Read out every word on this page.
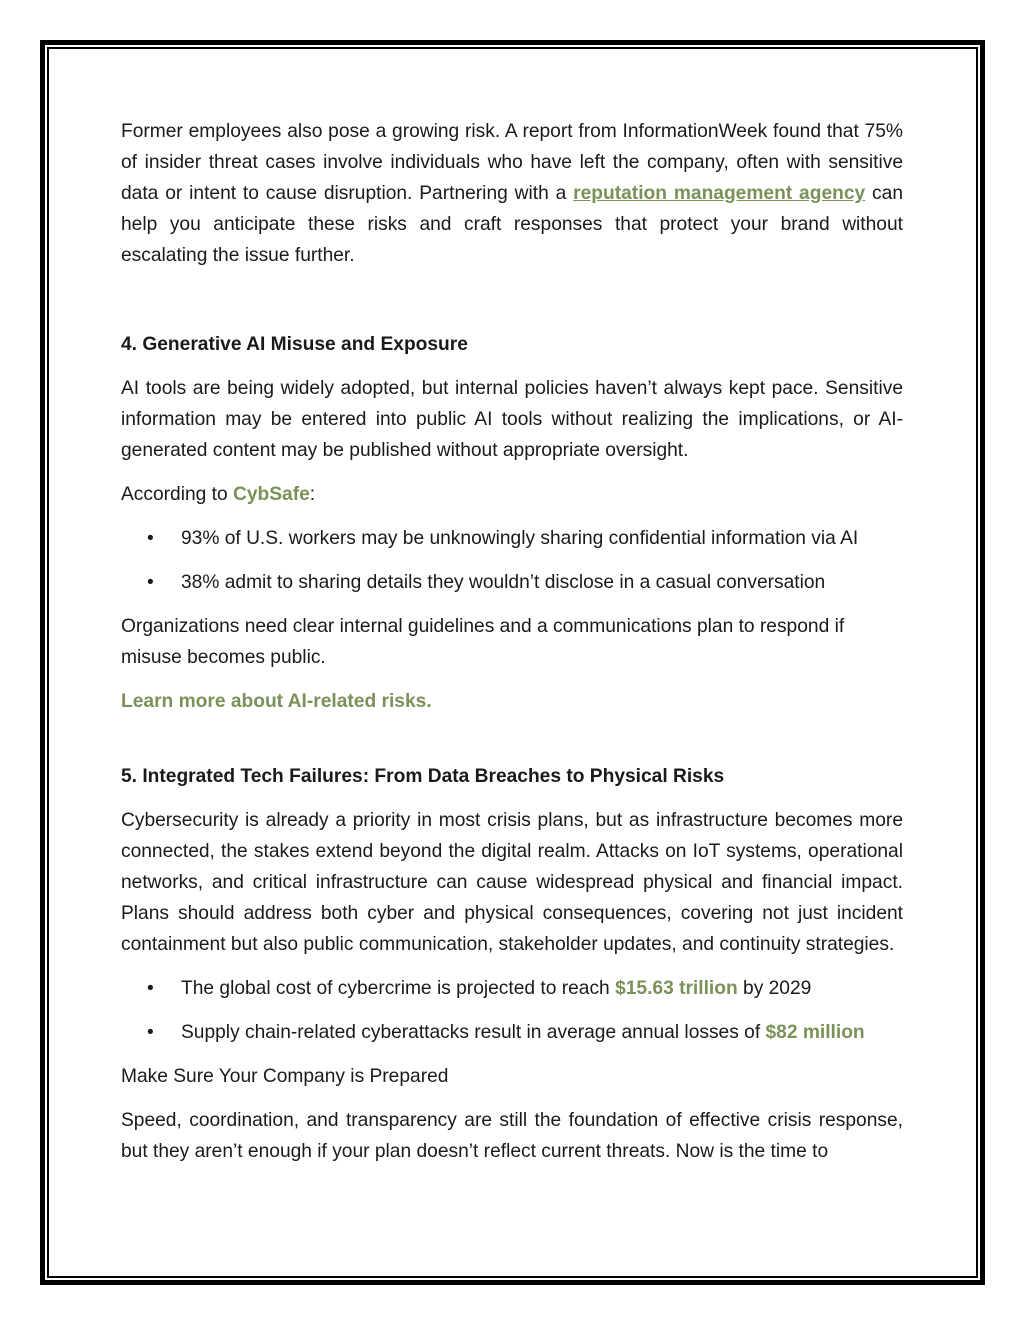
Former employees also pose a growing risk. A report from InformationWeek found that 75% of insider threat cases involve individuals who have left the company, often with sensitive data or intent to cause disruption. Partnering with a reputation management agency can help you anticipate these risks and craft responses that protect your brand without escalating the issue further.

4. Generative AI Misuse and Exposure

AI tools are being widely adopted, but internal policies haven’t always kept pace. Sensitive information may be entered into public AI tools without realizing the implications, or AI-generated content may be published without appropriate oversight.

According to CybSafe:

• 93% of U.S. workers may be unknowingly sharing confidential information via AI
• 38% admit to sharing details they wouldn’t disclose in a casual conversation

Organizations need clear internal guidelines and a communications plan to respond if misuse becomes public.

Learn more about AI-related risks.

5. Integrated Tech Failures: From Data Breaches to Physical Risks

Cybersecurity is already a priority in most crisis plans, but as infrastructure becomes more connected, the stakes extend beyond the digital realm. Attacks on IoT systems, operational networks, and critical infrastructure can cause widespread physical and financial impact. Plans should address both cyber and physical consequences, covering not just incident containment but also public communication, stakeholder updates, and continuity strategies.

• The global cost of cybercrime is projected to reach $15.63 trillion by 2029
• Supply chain-related cyberattacks result in average annual losses of $82 million

Make Sure Your Company is Prepared

Speed, coordination, and transparency are still the foundation of effective crisis response, but they aren’t enough if your plan doesn’t reflect current threats. Now is the time to
